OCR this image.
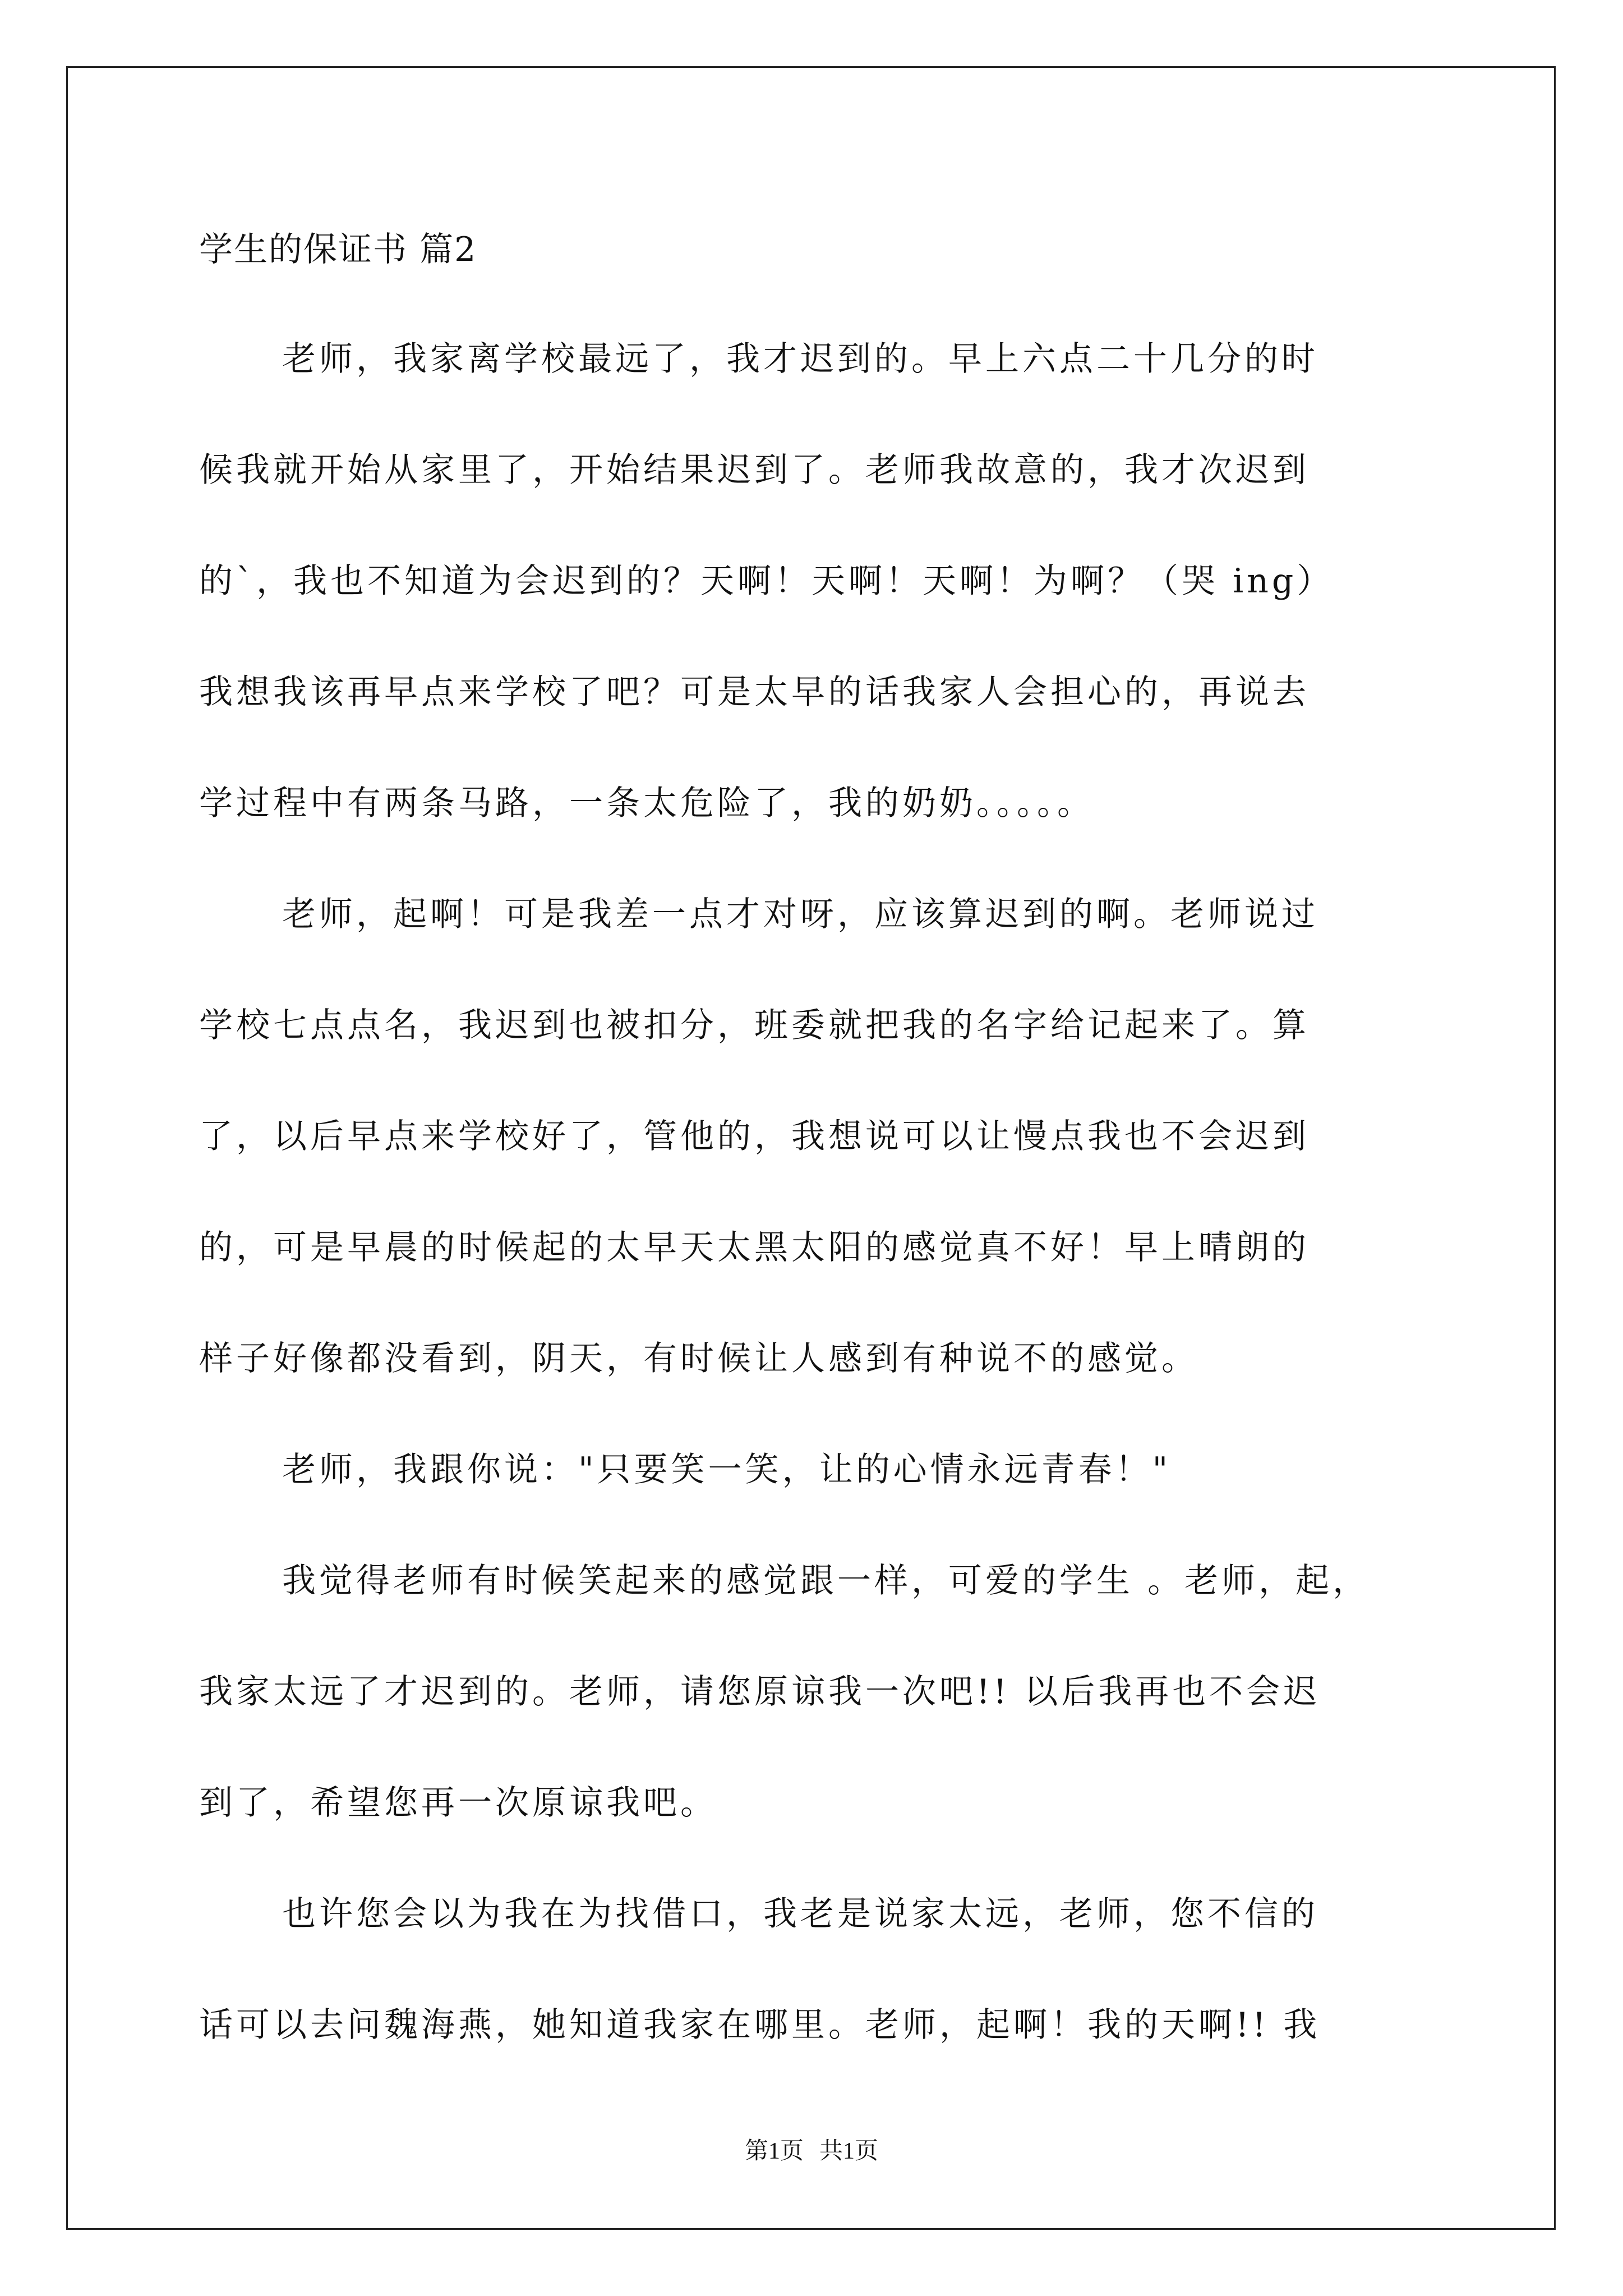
学生的保证书 篇2
老师，我家离学校最远了，我才迟到的。早上六点二十几分的时
候我就开始从家里了，开始结果迟到了。老师我故意的，我才次迟到
的`，我也不知道为会迟到的？天啊！天啊！天啊！为啊？（哭 ing）
我想我该再早点来学校了吧？可是太早的话我家人会担心的，再说去
学过程中有两条马路，一条太危险了，我的奶奶。。。。。
老师，起啊！可是我差一点才对呀，应该算迟到的啊。老师说过
学校七点点名，我迟到也被扣分，班委就把我的名字给记起来了。算
了，以后早点来学校好了，管他的，我想说可以让慢点我也不会迟到
的，可是早晨的时候起的太早天太黑太阳的感觉真不好！早上晴朗的
样子好像都没看到，阴天，有时候让人感到有种说不的感觉。
老师，我跟你说："只要笑一笑，让的心情永远青春！"
我觉得老师有时候笑起来的感觉跟一样，可爱的学生 。老师，起，
我家太远了才迟到的。老师，请您原谅我一次吧!! 以后我再也不会迟
到了，希望您再一次原谅我吧。
也许您会以为我在为找借口，我老是说家太远，老师，您不信的
话可以去问魏海燕，她知道我家在哪里。老师，起啊！我的天啊!! 我
第1页 共1页
